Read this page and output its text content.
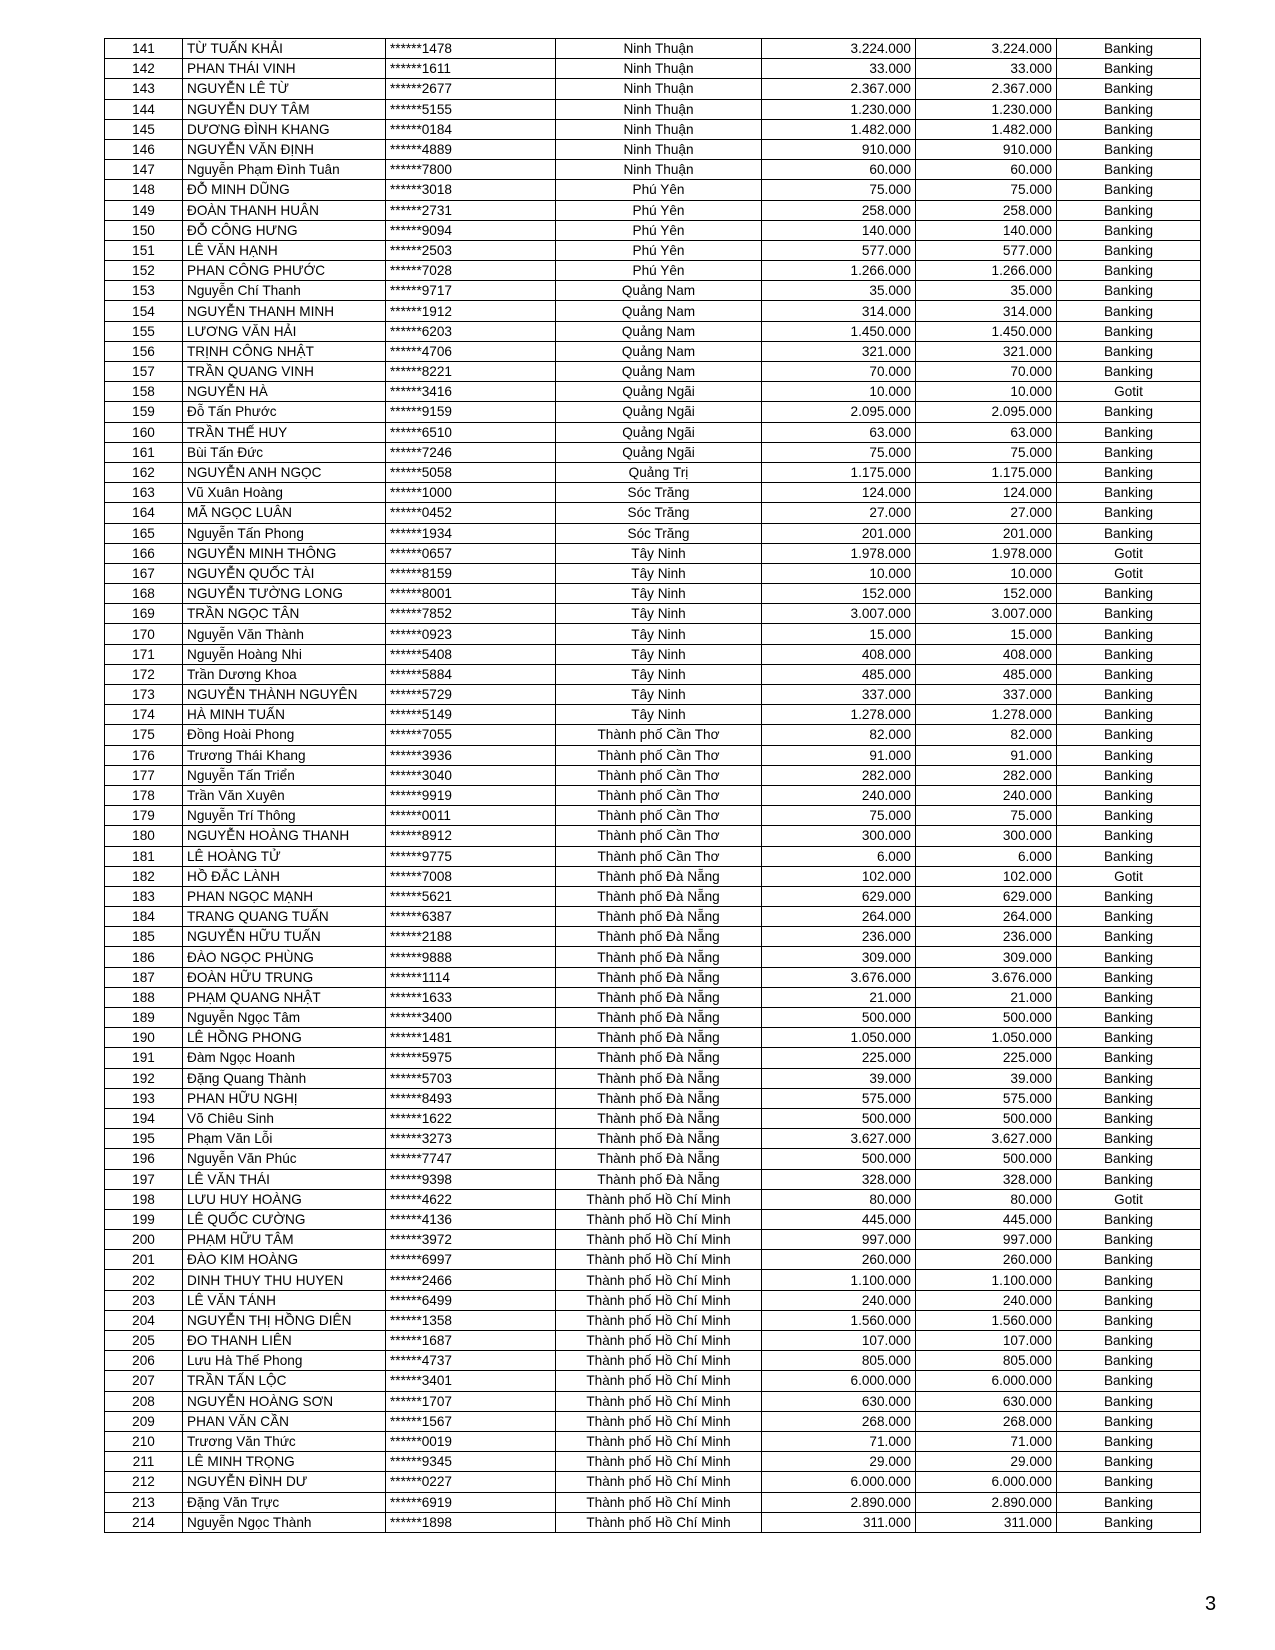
141	TỪ TUẤN KHẢI	******1478	Ninh Thuận	3.224.000	3.224.000	Banking
142	PHAN THÁI VINH	******1611	Ninh Thuận	33.000	33.000	Banking
143	NGUYỄN LÊ TỪ	******2677	Ninh Thuận	2.367.000	2.367.000	Banking
144	NGUYỄN DUY TÂM	******5155	Ninh Thuận	1.230.000	1.230.000	Banking
145	DƯƠNG ĐÌNH KHANG	******0184	Ninh Thuận	1.482.000	1.482.000	Banking
146	NGUYỄN VĂN ĐỊNH	******4889	Ninh Thuận	910.000	910.000	Banking
147	Nguyễn Phạm Đình Tuân	******7800	Ninh Thuận	60.000	60.000	Banking
148	ĐỖ MINH DŨNG	******3018	Phú Yên	75.000	75.000	Banking
149	ĐOÀN THANH HUÂN	******2731	Phú Yên	258.000	258.000	Banking
150	ĐỖ CÔNG HƯNG	******9094	Phú Yên	140.000	140.000	Banking
151	LÊ VĂN HẠNH	******2503	Phú Yên	577.000	577.000	Banking
152	PHAN CÔNG PHƯỚC	******7028	Phú Yên	1.266.000	1.266.000	Banking
153	Nguyễn Chí Thanh	******9717	Quảng Nam	35.000	35.000	Banking
154	NGUYỄN THANH MINH	******1912	Quảng Nam	314.000	314.000	Banking
155	LƯƠNG VĂN HẢI	******6203	Quảng Nam	1.450.000	1.450.000	Banking
156	TRỊNH CÔNG NHẬT	******4706	Quảng Nam	321.000	321.000	Banking
157	TRẦN QUANG VINH	******8221	Quảng Nam	70.000	70.000	Banking
158	NGUYỄN HÀ	******3416	Quảng Ngãi	10.000	10.000	Gotit
159	Đỗ Tấn Phước	******9159	Quảng Ngãi	2.095.000	2.095.000	Banking
160	TRẦN THẾ HUY	******6510	Quảng Ngãi	63.000	63.000	Banking
161	Bùi Tấn Đức	******7246	Quảng Ngãi	75.000	75.000	Banking
162	NGUYỄN ANH NGỌC	******5058	Quảng Trị	1.175.000	1.175.000	Banking
163	Vũ Xuân Hoàng	******1000	Sóc Trăng	124.000	124.000	Banking
164	MÃ NGỌC LUÂN	******0452	Sóc Trăng	27.000	27.000	Banking
165	Nguyễn Tấn Phong	******1934	Sóc Trăng	201.000	201.000	Banking
166	NGUYỄN MINH THÔNG	******0657	Tây Ninh	1.978.000	1.978.000	Gotit
167	NGUYỄN QUỐC TÀI	******8159	Tây Ninh	10.000	10.000	Gotit
168	NGUYỄN TƯỜNG LONG	******8001	Tây Ninh	152.000	152.000	Banking
169	TRẦN NGỌC TÂN	******7852	Tây Ninh	3.007.000	3.007.000	Banking
170	Nguyễn Văn Thành	******0923	Tây Ninh	15.000	15.000	Banking
171	Nguyễn Hoàng Nhi	******5408	Tây Ninh	408.000	408.000	Banking
172	Trần Dương Khoa	******5884	Tây Ninh	485.000	485.000	Banking
173	NGUYỄN THÀNH NGUYÊN	******5729	Tây Ninh	337.000	337.000	Banking
174	HÀ MINH TUẤN	******5149	Tây Ninh	1.278.000	1.278.000	Banking
175	Đồng Hoài Phong	******7055	Thành phố Cần Thơ	82.000	82.000	Banking
176	Trương Thái Khang	******3936	Thành phố Cần Thơ	91.000	91.000	Banking
177	Nguyễn Tấn Triển	******3040	Thành phố Cần Thơ	282.000	282.000	Banking
178	Trần Văn Xuyên	******9919	Thành phố Cần Thơ	240.000	240.000	Banking
179	Nguyễn Trí Thông	******0011	Thành phố Cần Thơ	75.000	75.000	Banking
180	NGUYỄN HOÀNG THANH	******8912	Thành phố Cần Thơ	300.000	300.000	Banking
181	LÊ HOÀNG TỬ	******9775	Thành phố Cần Thơ	6.000	6.000	Banking
182	HỒ ĐẮC LÀNH	******7008	Thành phố Đà Nẵng	102.000	102.000	Gotit
183	PHAN NGỌC MẠNH	******5621	Thành phố Đà Nẵng	629.000	629.000	Banking
184	TRANG QUANG TUẤN	******6387	Thành phố Đà Nẵng	264.000	264.000	Banking
185	NGUYỄN HỮU TUẤN	******2188	Thành phố Đà Nẵng	236.000	236.000	Banking
186	ĐÀO NGỌC PHÙNG	******9888	Thành phố Đà Nẵng	309.000	309.000	Banking
187	ĐOÀN HỮU TRUNG	******1114	Thành phố Đà Nẵng	3.676.000	3.676.000	Banking
188	PHẠM QUANG NHẬT	******1633	Thành phố Đà Nẵng	21.000	21.000	Banking
189	Nguyễn Ngọc Tâm	******3400	Thành phố Đà Nẵng	500.000	500.000	Banking
190	LÊ HỒNG PHONG	******1481	Thành phố Đà Nẵng	1.050.000	1.050.000	Banking
191	Đàm Ngọc Hoanh	******5975	Thành phố Đà Nẵng	225.000	225.000	Banking
192	Đặng Quang Thành	******5703	Thành phố Đà Nẵng	39.000	39.000	Banking
193	PHAN HỮU NGHỊ	******8493	Thành phố Đà Nẵng	575.000	575.000	Banking
194	Võ Chiêu Sinh	******1622	Thành phố Đà Nẵng	500.000	500.000	Banking
195	Phạm Văn Lỗi	******3273	Thành phố Đà Nẵng	3.627.000	3.627.000	Banking
196	Nguyễn Văn Phúc	******7747	Thành phố Đà Nẵng	500.000	500.000	Banking
197	LÊ VĂN THÁI	******9398	Thành phố Đà Nẵng	328.000	328.000	Banking
198	LƯU HUY HOÀNG	******4622	Thành phố Hồ Chí Minh	80.000	80.000	Gotit
199	LÊ QUỐC CƯỜNG	******4136	Thành phố Hồ Chí Minh	445.000	445.000	Banking
200	PHẠM HỮU TÂM	******3972	Thành phố Hồ Chí Minh	997.000	997.000	Banking
201	ĐÀO KIM HOÀNG	******6997	Thành phố Hồ Chí Minh	260.000	260.000	Banking
202	DINH THUY THU HUYEN	******2466	Thành phố Hồ Chí Minh	1.100.000	1.100.000	Banking
203	LÊ VĂN TÁNH	******6499	Thành phố Hồ Chí Minh	240.000	240.000	Banking
204	NGUYỄN THỊ HỒNG DIÊN	******1358	Thành phố Hồ Chí Minh	1.560.000	1.560.000	Banking
205	ĐO THANH LIÊN	******1687	Thành phố Hồ Chí Minh	107.000	107.000	Banking
206	Lưu Hà Thế Phong	******4737	Thành phố Hồ Chí Minh	805.000	805.000	Banking
207	TRẦN TẤN LỘC	******3401	Thành phố Hồ Chí Minh	6.000.000	6.000.000	Banking
208	NGUYỄN HOÀNG SƠN	******1707	Thành phố Hồ Chí Minh	630.000	630.000	Banking
209	PHAN VĂN CẦN	******1567	Thành phố Hồ Chí Minh	268.000	268.000	Banking
210	Trương Văn Thức	******0019	Thành phố Hồ Chí Minh	71.000	71.000	Banking
211	LÊ MINH TRỌNG	******9345	Thành phố Hồ Chí Minh	29.000	29.000	Banking
212	NGUYỄN ĐÌNH DƯ	******0227	Thành phố Hồ Chí Minh	6.000.000	6.000.000	Banking
213	Đặng Văn Trực	******6919	Thành phố Hồ Chí Minh	2.890.000	2.890.000	Banking
214	Nguyễn Ngọc Thành	******1898	Thành phố Hồ Chí Minh	311.000	311.000	Banking
3
